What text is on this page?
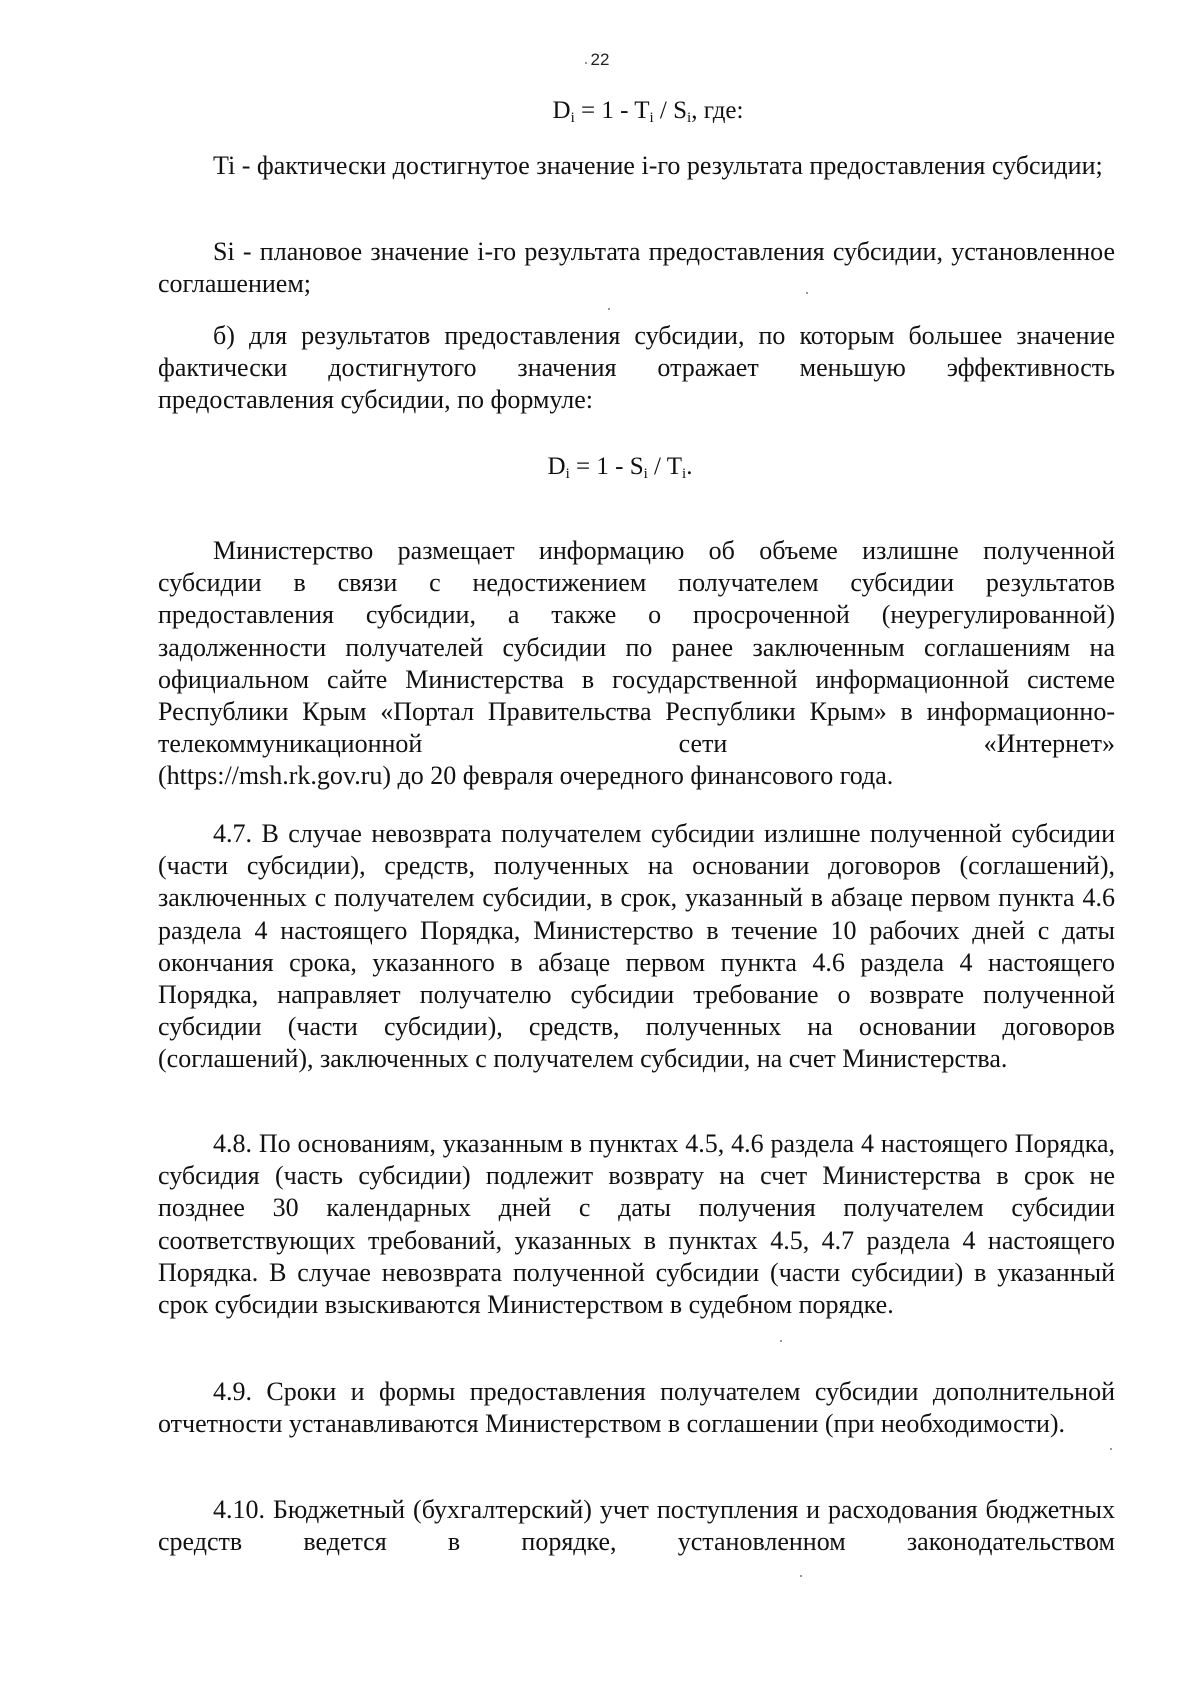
22
$D_i = 1 - T_i / S_i$, где:

Ti - фактически достигнутое значение i-го результата предоставления субсидии;

Si - плановое значение i-го результата предоставления субсидии, установленное соглашением;

б) для результатов предоставления субсидии, по которым большее значение фактически достигнутого значения отражает меньшую эффективность предоставления субсидии, по формуле:

$D_i = 1 - S_i / T_i$.
Министерство размещает информацию об объеме излишне полученной субсидии в связи с недостижением получателем субсидии результатов предоставления субсидии, а также о просроченной (неурегулированной) задолженности получателей субсидии по ранее заключенным соглашениям на официальном сайте Министерства в государственной информационной системе Республики Крым «Портал Правительства Республики Крым» в информационно-телекоммуникационной сети «Интернет»
(https://msh.rk.gov.ru) до 20 февраля очередного финансового года.

4.7. В случае невозврата получателем субсидии излишне полученной субсидии (части субсидии), средств, полученных на основании договоров (соглашений), заключенных с получателем субсидии, в срок, указанный в абзаце первом пункта 4.6 раздела 4 настоящего Порядка, Министерство в течение 10 рабочих дней с даты окончания срока, указанного в абзаце первом пункта 4.6 раздела 4 настоящего Порядка, направляет получателю субсидии требование о возврате полученной субсидии (части субсидии), средств, полученных на основании договоров (соглашений), заключенных с получателем субсидии, на счет Министерства.

4.8. По основаниям, указанным в пунктах 4.5, 4.6 раздела 4 настоящего Порядка, субсидия (часть субсидии) подлежит возврату на счет Министерства в срок не позднее 30 календарных дней с даты получения получателем субсидии соответствующих требований, указанных в пунктах 4.5, 4.7 раздела 4 настоящего Порядка. В случае невозврата полученной субсидии (части субсидии) в указанный срок субсидии взыскиваются Министерством в судебном порядке.

4.9. Сроки и формы предоставления получателем субсидии дополнительной отчетности устанавливаются Министерством в соглашении (при необходимости).

4.10. Бюджетный (бухгалтерский) учет поступления и расходования бюджетных средств ведется в порядке, установленном законодательством
